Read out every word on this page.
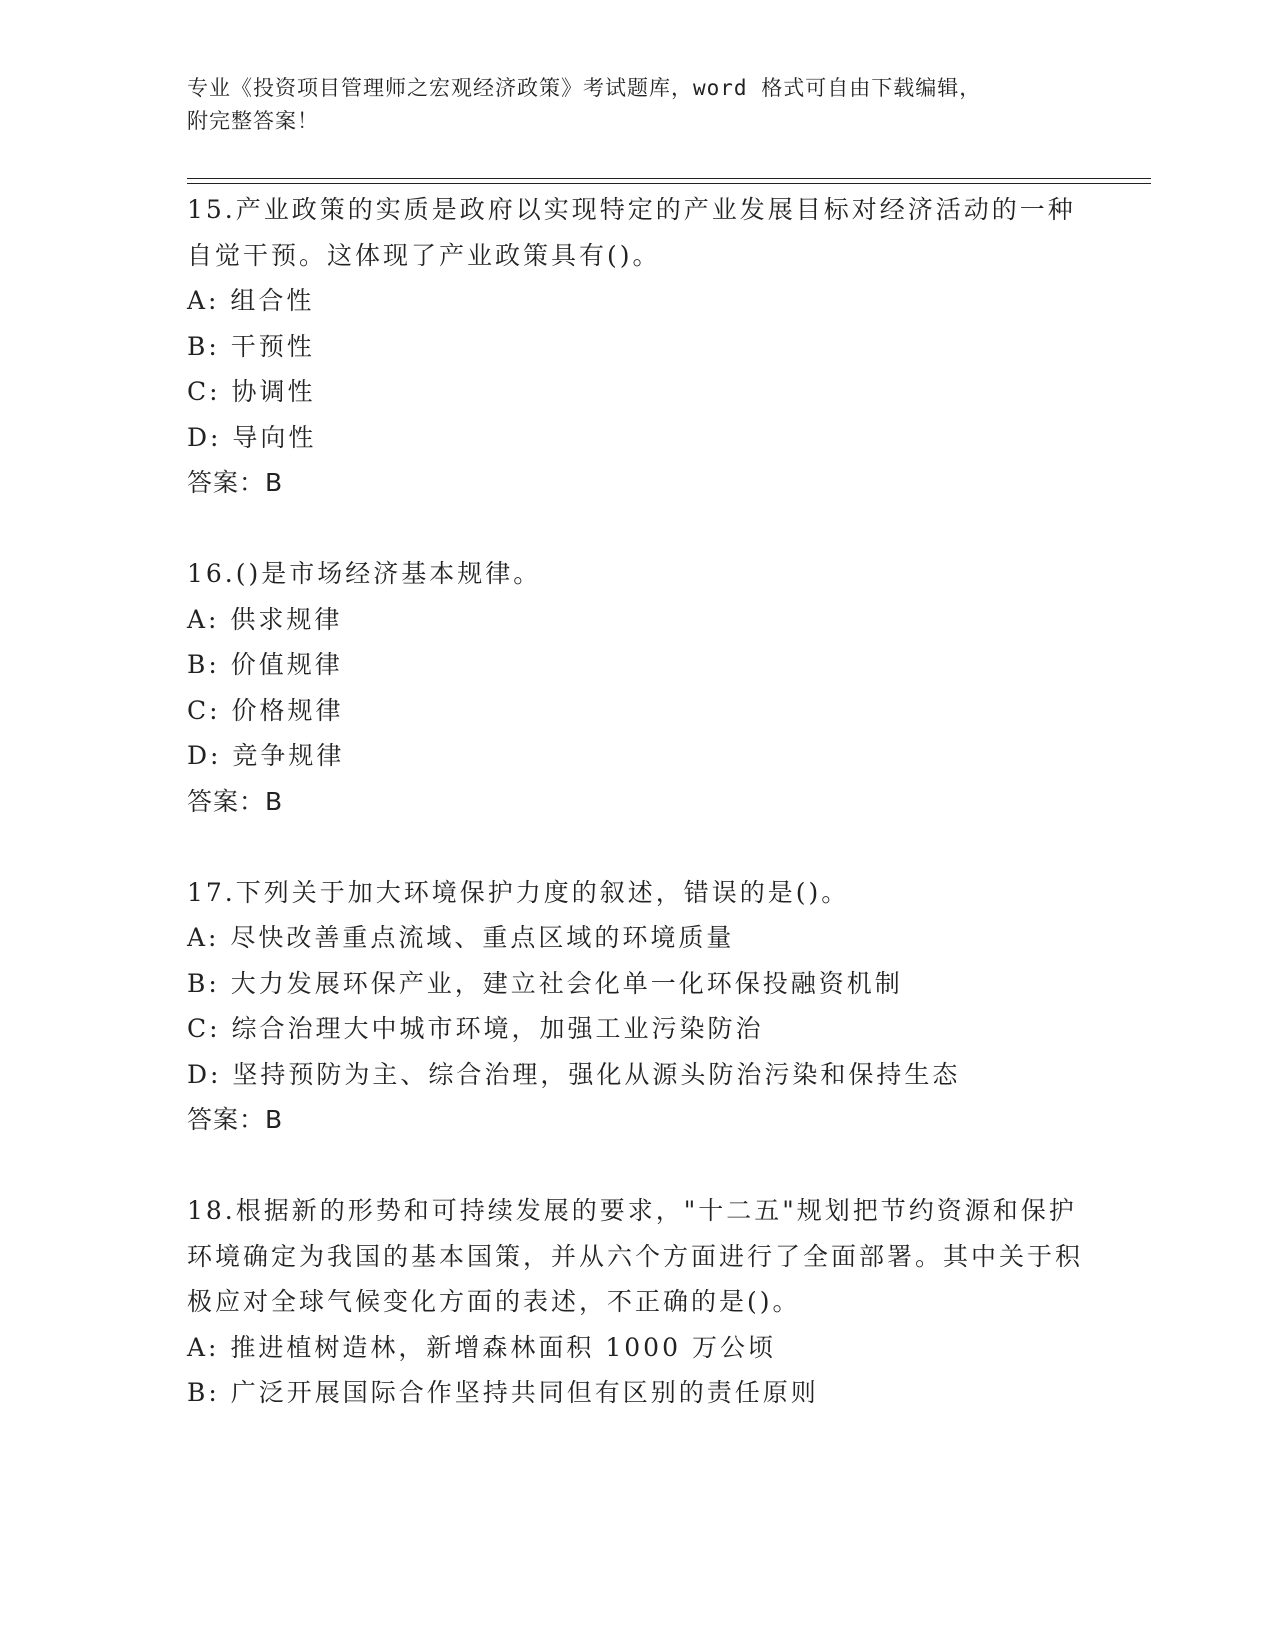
专业《投资项目管理师之宏观经济政策》考试题库，word 格式可自由下载编辑，
附完整答案！

15.产业政策的实质是政府以实现特定的产业发展目标对经济活动的一种自觉干预。这体现了产业政策具有()。

A: 组合性

B: 干预性

C: 协调性

D: 导向性

答案：B

16.()是市场经济基本规律。

A: 供求规律

B: 价值规律

C: 价格规律

D: 竞争规律

答案：B

17.下列关于加大环境保护力度的叙述，错误的是()。

A: 尽快改善重点流域、重点区域的环境质量

B: 大力发展环保产业，建立社会化单一化环保投融资机制

C: 综合治理大中城市环境，加强工业污染防治

D: 坚持预防为主、综合治理，强化从源头防治污染和保持生态

答案：B

18.根据新的形势和可持续发展的要求，"十二五"规划把节约资源和保护环境确定为我国的基本国策，并从六个方面进行了全面部署。其中关于积极应对全球气候变化方面的表述，不正确的是()。

A: 推进植树造林，新增森林面积 1000 万公顷

B: 广泛开展国际合作坚持共同但有区别的责任原则
